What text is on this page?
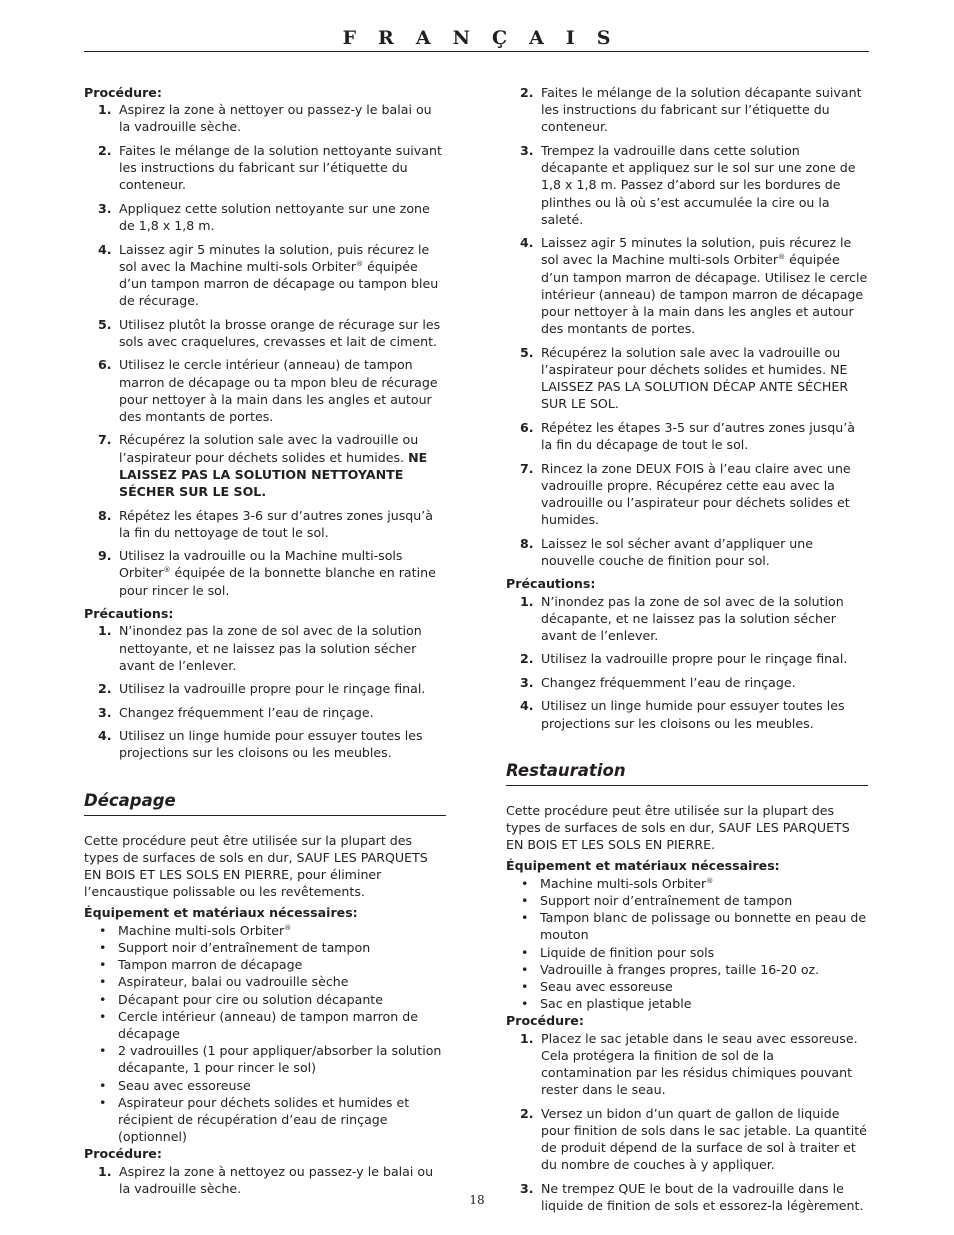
FRANÇAIS

Procédure:

1. Aspirez la zone à nettoyer ou passez-y le balai ou la vadrouille sèche.
2. Faites le mélange de la solution nettoyante suivant les instructions du fabricant sur l’étiquette du conteneur.
3. Appliquez cette solution nettoyante sur une zone de 1,8 x 1,8 m.
4. Laissez agir 5 minutes la solution, puis récurez le sol avec la Machine multi-sols Orbiter® équipée d’un tampon marron de décapage ou tampon bleu de récurage.
5. Utilisez plutôt la brosse orange de récurage sur les sols avec craquelures, crevasses et lait de ciment.
6. Utilisez le cercle intérieur (anneau) de tampon marron de décapage ou ta mpon bleu de récurage pour nettoyer à la main dans les angles et autour des montants de portes.
7. Récupérez la solution sale avec la vadrouille ou l’aspirateur pour déchets solides et humides. NE LAISSEZ PAS LA SOLUTION NETTOYANTE SÉCHER SUR LE SOL.
8. Répétez les étapes 3-6 sur d’autres zones jusqu’à la fin du nettoyage de tout le sol.
9. Utilisez la vadrouille ou la Machine multi-sols Orbiter® équipée de la bonnette blanche en ratine pour rincer le sol.

Précautions:

1. N’inondez pas la zone de sol avec de la solution nettoyante, et ne laissez pas la solution sécher avant de l’enlever.
2. Utilisez la vadrouille propre pour le rinçage final.
3. Changez fréquemment l’eau de rinçage.
4. Utilisez un linge humide pour essuyer toutes les projections sur les cloisons ou les meubles.
Décapage

Cette procédure peut être utilisée sur la plupart des types de surfaces de sols en dur, SAUF LES PARQUETS EN BOIS ET LES SOLS EN PIERRE, pour éliminer l’encaustique polissable ou les revêtements.

Équipement et matériaux nécessaires:

• Machine multi-sols Orbiter®
• Support noir d’entraînement de tampon
• Tampon marron de décapage
• Aspirateur, balai ou vadrouille sèche
• Décapant pour cire ou solution décapante
• Cercle intérieur (anneau) de tampon marron de décapage
• 2 vadrouilles (1 pour appliquer/absorber la solution décapante, 1 pour rincer le sol)
• Seau avec essoreuse
• Aspirateur pour déchets solides et humides et récipient de récupération d’eau de rinçage (optionnel)

Procédure:

1. Aspirez la zone à nettoyez ou passez-y le balai ou la vadrouille sèche.
2. Faites le mélange de la solution décapante suivant les instructions du fabricant sur l’étiquette du conteneur.
3. Trempez la vadrouille dans cette solution décapante et appliquez sur le sol sur une zone de 1,8 x 1,8 m. Passez d’abord sur les bordures de plinthes ou là où s’est accumulée la cire ou la saleté.
4. Laissez agir 5 minutes la solution, puis récurez le sol avec la Machine multi-sols Orbiter® équipée d’un tampon marron de décapage. Utilisez le cercle intérieur (anneau) de tampon marron de décapage pour nettoyer à la main dans les angles et autour des montants de portes.
5. Récupérez la solution sale avec la vadrouille ou l’aspirateur pour déchets solides et humides. NE LAISSEZ PAS LA SOLUTION DÉCAP ANTE SÉCHER SUR LE SOL.
6. Répétez les étapes 3-5 sur d’autres zones jusqu’à la fin du décapage de tout le sol.
7. Rincez la zone DEUX FOIS à l’eau claire avec une vadrouille propre. Récupérez cette eau avec la vadrouille ou l’aspirateur pour déchets solides et humides.
8. Laissez le sol sécher avant d’appliquer une nouvelle couche de finition pour sol.

Précautions:

1. N’inondez pas la zone de sol avec de la solution décapante, et ne laissez pas la solution sécher avant de l’enlever.
2. Utilisez la vadrouille propre pour le rinçage final.
3. Changez fréquemment l’eau de rinçage.
4. Utilisez un linge humide pour essuyer toutes les projections sur les cloisons ou les meubles.
Restauration

Cette procédure peut être utilisée sur la plupart des types de surfaces de sols en dur, SAUF LES PARQUETS EN BOIS ET LES SOLS EN PIERRE.

Équipement et matériaux nécessaires:

• Machine multi-sols Orbiter®
• Support noir d’entraînement de tampon
• Tampon blanc de polissage ou bonnette en peau de mouton
• Liquide de finition pour sols
• Vadrouille à franges propres, taille 16-20 oz.
• Seau avec essoreuse
• Sac en plastique jetable

Procédure:

1. Placez le sac jetable dans le seau avec essoreuse. Cela protégera la finition de sol de la contamination par les résidus chimiques pouvant rester dans le seau.
2. Versez un bidon d’un quart de gallon de liquide pour finition de sols dans le sac jetable. La quantité de produit dépend de la surface de sol à traiter et du nombre de couches à y appliquer.
3. Ne trempez QUE le bout de la vadrouille dans le liquide de finition de sols et essorez-la légèrement.
18
